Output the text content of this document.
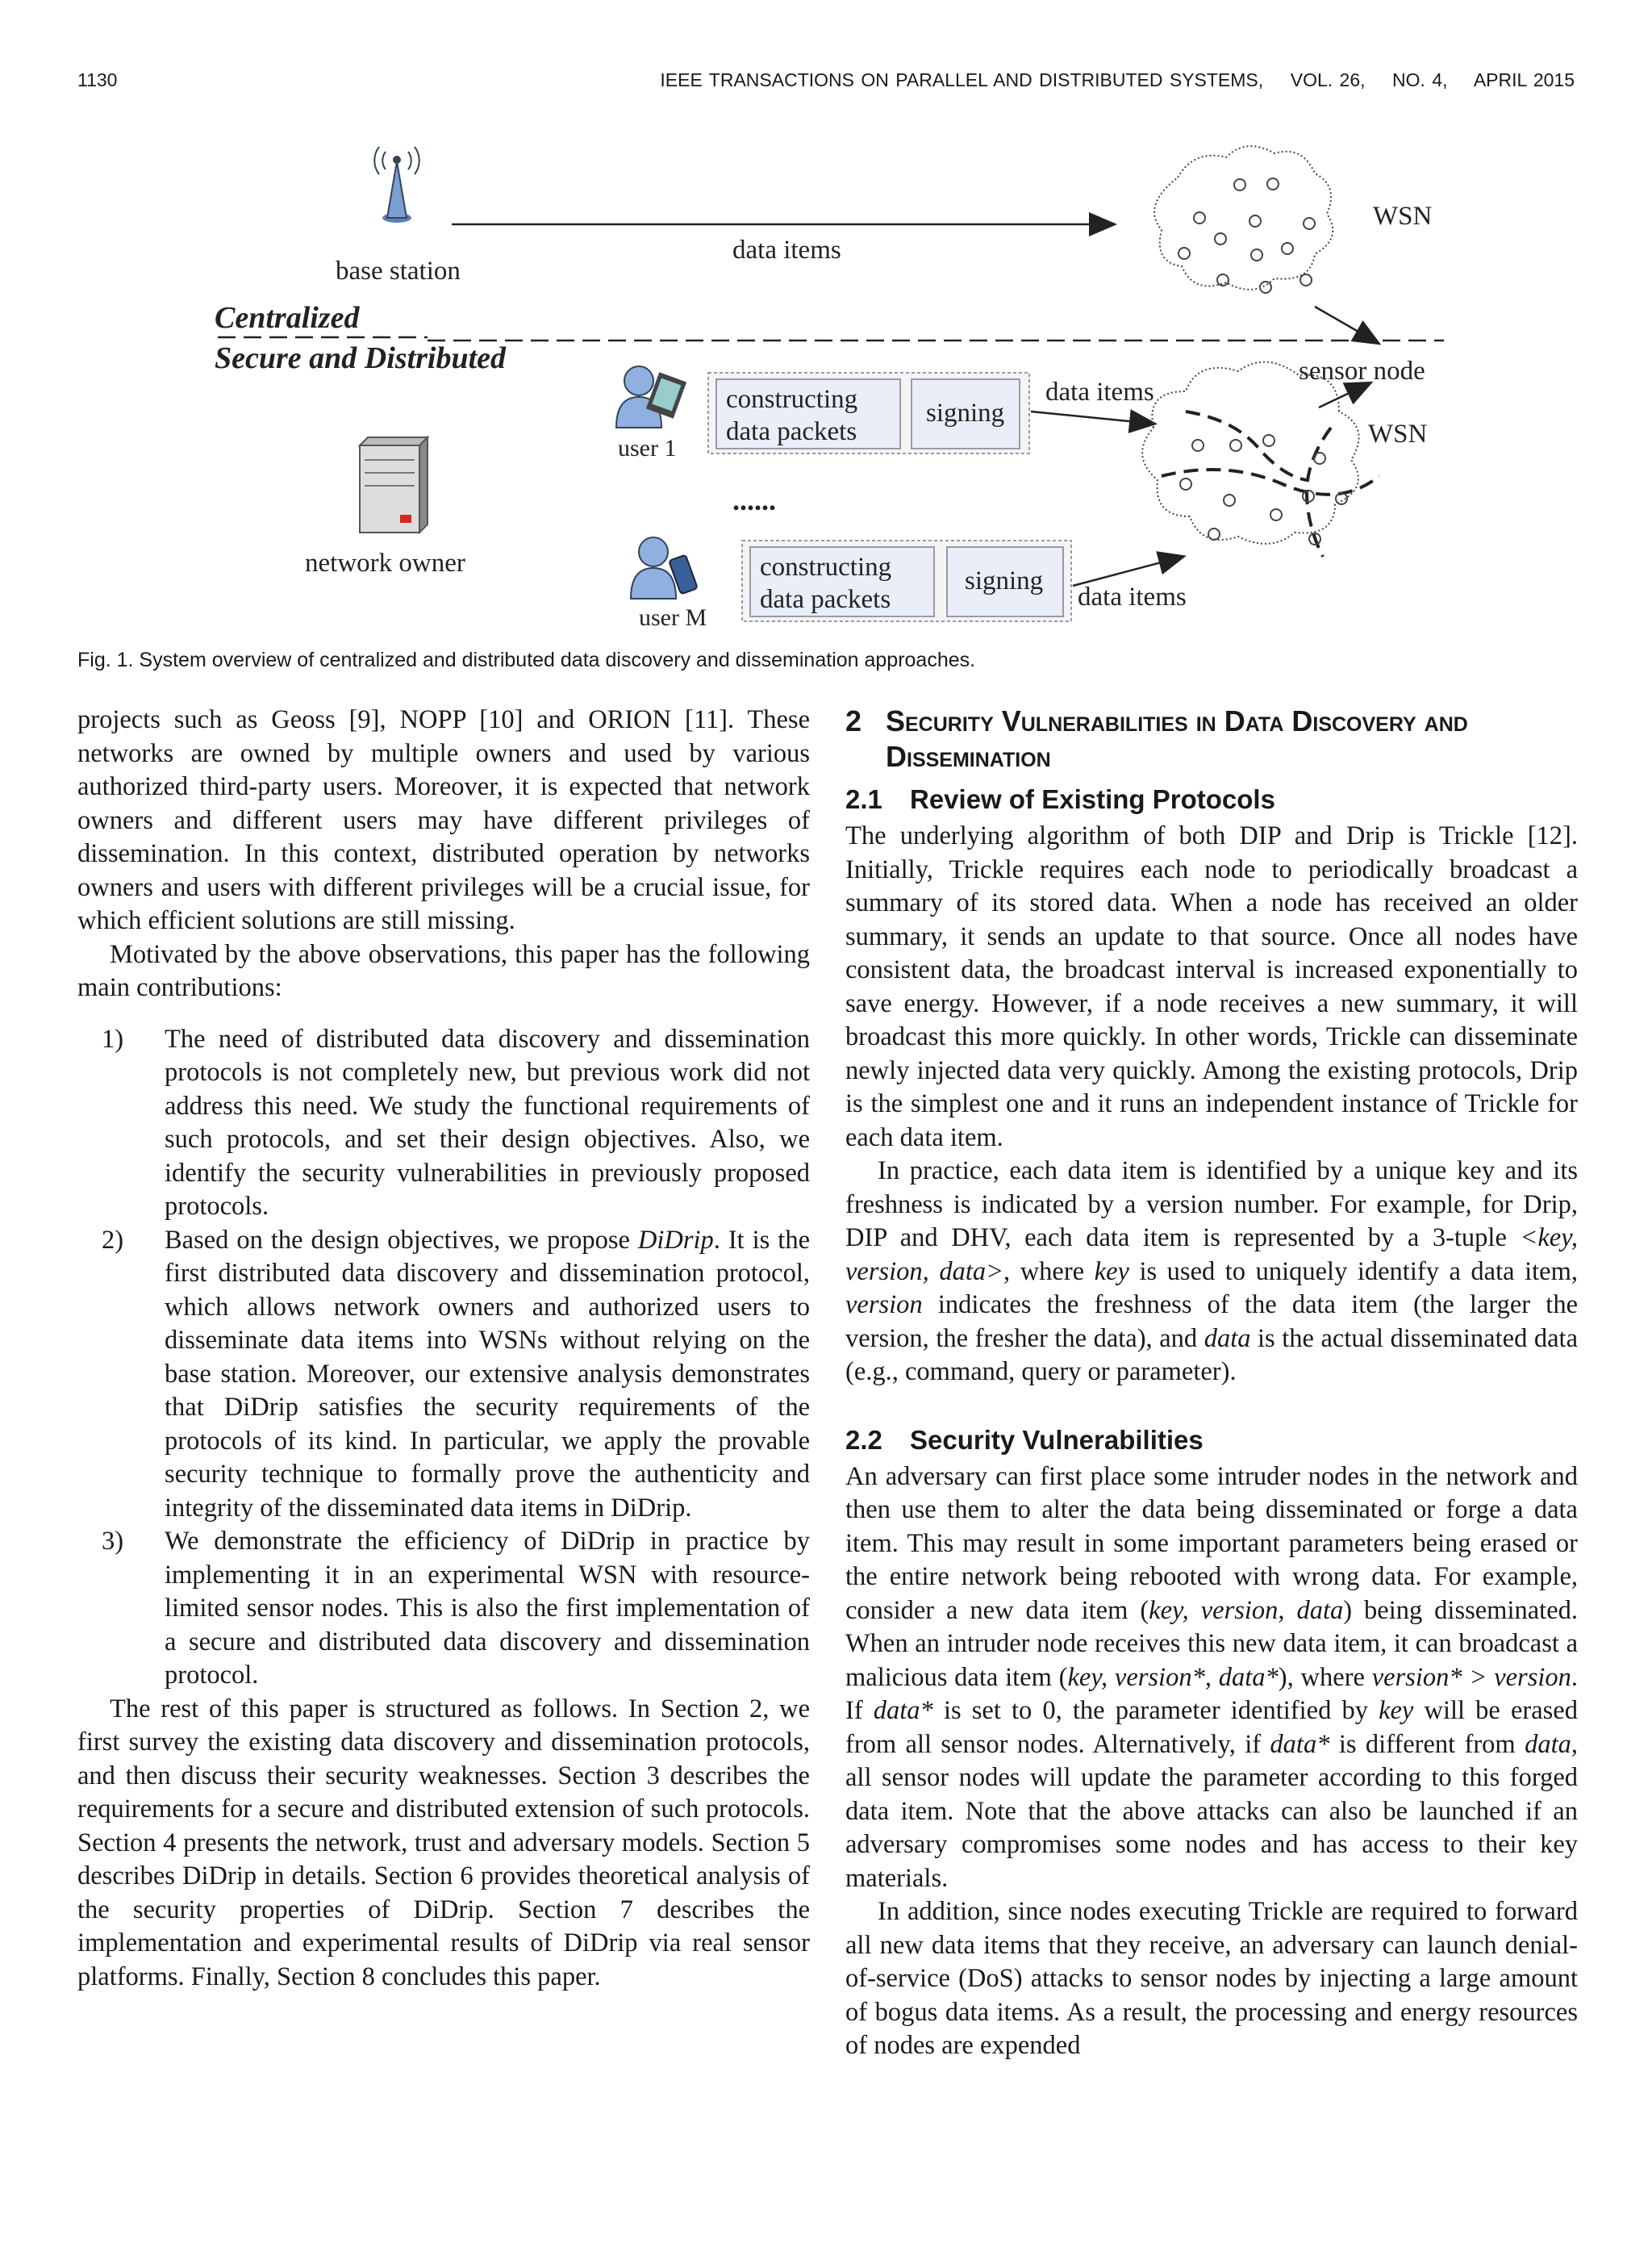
1130	IEEE TRANSACTIONS ON PARALLEL AND DISTRIBUTED SYSTEMS,    VOL. 26,    NO. 4,    APRIL 2015
base station
data items
WSN
Centralized
Secure and Distributed	sensor node
user 1
constructing
data packets
signing
data items
WSN
......
network owner
user M
constructing
data packets
signing
data items
Fig. 1. System overview of centralized and distributed data discovery and dissemination approaches.

projects such as Geoss [9], NOPP [10] and ORION [11]. These networks are owned by multiple owners and used by various authorized third-party users. Moreover, it is expected that network owners and different users may have different privileges of dissemination. In this context, distributed operation by networks owners and users with different privileges will be a crucial issue, for which efficient solutions are still missing.

Motivated by the above observations, this paper has the following main contributions:

1) The need of distributed data discovery and dissemination protocols is not completely new, but previous work did not address this need. We study the functional requirements of such protocols, and set their design objectives. Also, we identify the security vulnerabilities in previously proposed protocols.
2) Based on the design objectives, we propose DiDrip. It is the first distributed data discovery and dissemination protocol, which allows network owners and authorized users to disseminate data items into WSNs without relying on the base station. Moreover, our extensive analysis demonstrates that DiDrip satisfies the security requirements of the protocols of its kind. In particular, we apply the provable security technique to formally prove the authenticity and integrity of the disseminated data items in DiDrip.
3) We demonstrate the efficiency of DiDrip in practice by implementing it in an experimental WSN with resource-limited sensor nodes. This is also the first implementation of a secure and distributed data discovery and dissemination protocol.

The rest of this paper is structured as follows. In Section 2, we first survey the existing data discovery and dissemination protocols, and then discuss their security weaknesses. Section 3 describes the requirements for a secure and distributed extension of such protocols. Section 4 presents the network, trust and adversary models. Section 5 describes DiDrip in details. Section 6 provides theoretical analysis of the security properties of DiDrip. Section 7 describes the implementation and experimental results of DiDrip via real sensor platforms. Finally, Section 8 concludes this paper.

2 Security Vulnerabilities in Data Discovery and Dissemination
2.1 Review of Existing Protocols

The underlying algorithm of both DIP and Drip is Trickle [12]. Initially, Trickle requires each node to periodically broadcast a summary of its stored data. When a node has received an older summary, it sends an update to that source. Once all nodes have consistent data, the broadcast interval is increased exponentially to save energy. However, if a node receives a new summary, it will broadcast this more quickly. In other words, Trickle can disseminate newly injected data very quickly. Among the existing protocols, Drip is the simplest one and it runs an independent instance of Trickle for each data item.

In practice, each data item is identified by a unique key and its freshness is indicated by a version number. For example, for Drip, DIP and DHV, each data item is represented by a 3-tuple <key, version, data>, where key is used to uniquely identify a data item, version indicates the freshness of the data item (the larger the version, the fresher the data), and data is the actual disseminated data (e.g., command, query or parameter).

2.2 Security Vulnerabilities

An adversary can first place some intruder nodes in the network and then use them to alter the data being disseminated or forge a data item. This may result in some important parameters being erased or the entire network being rebooted with wrong data. For example, consider a new data item (key, version, data) being disseminated. When an intruder node receives this new data item, it can broadcast a malicious data item (key, version*, data*), where version* > version. If data* is set to 0, the parameter identified by key will be erased from all sensor nodes. Alternatively, if data* is different from data, all sensor nodes will update the parameter according to this forged data item. Note that the above attacks can also be launched if an adversary compromises some nodes and has access to their key materials.

In addition, since nodes executing Trickle are required to forward all new data items that they receive, an adversary can launch denial-of-service (DoS) attacks to sensor nodes by injecting a large amount of bogus data items. As a result, the processing and energy resources of nodes are expended
